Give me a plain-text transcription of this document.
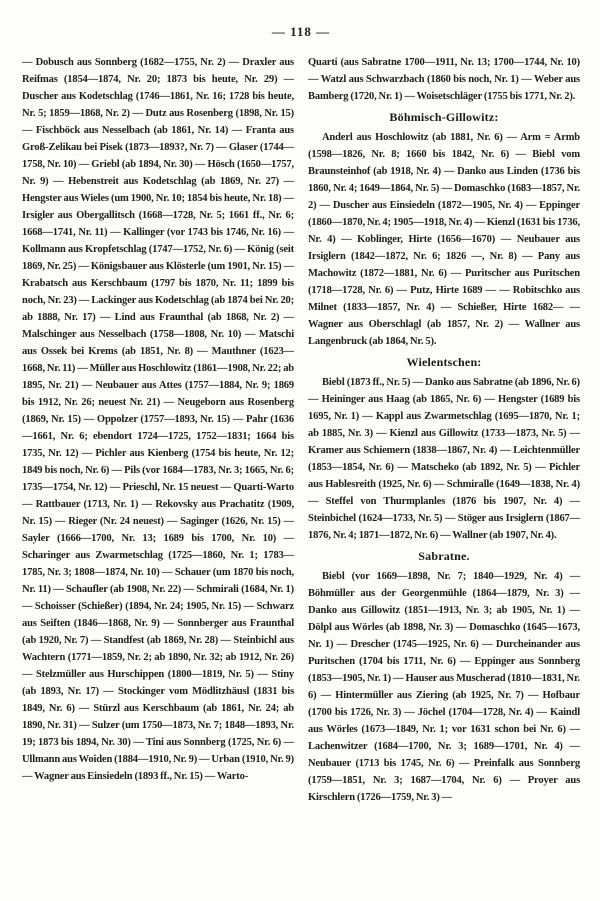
— 118 —

— Dobusch aus Sonnberg (1682—1755, Nr. 2) — Draxler aus Reifmas (1854—1874, Nr. 20; 1873 bis heute, Nr. 29) — Duscher aus Kodetschlag (1746—1861, Nr. 16; 1728 bis heute, Nr. 5; 1859—1868, Nr. 2) — Dutz aus Rosenberg (1898, Nr. 15) — Fischböck aus Nesselbach (ab 1861, Nr. 14) — Franta aus Groß-Zelikau bei Pisek (1873—1893?, Nr. 7) — Glaser (1744—1758, Nr. 10) — Griebl (ab 1894, Nr. 30) — Hösch (1650—1757, Nr. 9) — Hebenstreit aus Kodetschlag (ab 1869, Nr. 27) — Hengster aus Wieles (um 1900, Nr. 10; 1854 bis heute, Nr. 18) — Irsigler aus Obergallitsch (1668—1728, Nr. 5; 1661 ff., Nr. 6; 1668—1741, Nr. 11) — Kallinger (vor 1743 bis 1746, Nr. 16) — Kollmann aus Kropfetschlag (1747—1752, Nr. 6) — König (seit 1869, Nr. 25) — Königsbauer aus Klösterle (um 1901, Nr. 15) — Krabatsch aus Kerschbaum (1797 bis 1870, Nr. 11; 1899 bis noch, Nr. 23) — Lackinger aus Kodetschlag (ab 1874 bei Nr. 20; ab 1888, Nr. 17) — Lind aus Fraunthal (ab 1868, Nr. 2) — Malschinger aus Nesselbach (1758—1808, Nr. 10) — Matschi aus Ossek bei Krems (ab 1851, Nr. 8) — Mauthner (1623—1668, Nr. 11) — Müller aus Hoschlowitz (1861—1908, Nr. 22; ab 1895, Nr. 21) — Neubauer aus Attes (1757—1884, Nr. 9; 1869 bis 1912, Nr. 26; neuest Nr. 21) — Neugeborn aus Rosenberg (1869, Nr. 15) — Oppolzer (1757—1893, Nr. 15) — Pahr (1636—1661, Nr. 6; ebendort 1724—1725, 1752—1831; 1664 bis 1735, Nr. 12) — Pichler aus Kienberg (1754 bis heute, Nr. 12; 1849 bis noch, Nr. 6) — Pils (vor 1684—1783, Nr. 3; 1665, Nr. 6; 1735—1754, Nr. 12) — Prieschl, Nr. 15 neuest — Quarti-Warto — Rattbauer (1713, Nr. 1) — Rekovsky aus Prachatitz (1909, Nr. 15) — Rieger (Nr. 24 neuest) — Saginger (1626, Nr. 15) — Sayler (1666—1700, Nr. 13; 1689 bis 1700, Nr. 10) — Scharinger aus Zwarmetschlag (1725—1860, Nr. 1; 1783—1785, Nr. 3; 1808—1874, Nr. 10) — Schauer (um 1870 bis noch, Nr. 11) — Schaufler (ab 1908, Nr. 22) — Schmirali (1684, Nr. 1) — Schoisser (Schießer) (1894, Nr. 24; 1905, Nr. 15) — Schwarz aus Seiften (1846—1868, Nr. 9) — Sonnberger aus Fraunthal (ab 1920, Nr. 7) — Standfest (ab 1869, Nr. 28) — Steinbichl aus Wachtern (1771—1859, Nr. 2; ab 1890, Nr. 32; ab 1912, Nr. 26) — Stelzmüller aus Hurschippen (1800—1819, Nr. 5) — Stiny (ab 1893, Nr. 17) — Stockinger vom Mödlitzhäusl (1831 bis 1849, Nr. 6) — Stürzl aus Kerschbaum (ab 1861, Nr. 24; ab 1890, Nr. 31) — Sulzer (um 1750—1873, Nr. 7; 1848—1893, Nr. 19; 1873 bis 1894, Nr. 30) — Tini aus Sonnberg (1725, Nr. 6) — Ullmann aus Woiden (1884—1910, Nr. 9) — Urban (1910, Nr. 9) — Wagner aus Einsiedeln (1893 ff., Nr. 15) — Warto-

Quarti (aus Sabratne 1700—1911, Nr. 13; 1700—1744, Nr. 10) — Watzl aus Schwarzbach (1860 bis noch, Nr. 1) — Weber aus Bamberg (1720, Nr. 1) — Woisetschläger (1755 bis 1771, Nr. 2).

Böhmisch-Gillowitz:

Anderl aus Hoschlowitz (ab 1881, Nr. 6) — Arm = Armb (1598—1826, Nr. 8; 1660 bis 1842, Nr. 6) — Biebl vom Braunsteinhof (ab 1918, Nr. 4) — Danko aus Linden (1736 bis 1860, Nr. 4; 1649—1864, Nr. 5) — Domaschko (1683—1857, Nr. 2) — Duscher aus Einsiedeln (1872—1905, Nr. 4) — Eppinger (1860—1870, Nr. 4; 1905—1918, Nr. 4) — Kienzl (1631 bis 1736, Nr. 4) — Koblinger, Hirte (1656—1670) — Neubauer aus Irsiglern (1842—1872, Nr. 6; 1826 —, Nr. 8) — Pany aus Machowitz (1872—1881, Nr. 6) — Puritscher aus Puritschen (1718—1728, Nr. 6) — Putz, Hirte 1689 — — Robitschko aus Milnet (1833—1857, Nr. 4) — Schießer, Hirte 1682— — Wagner aus Oberschlagl (ab 1857, Nr. 2) — Wallner aus Langenbruck (ab 1864, Nr. 5).

Wielentschen:

Biebl (1873 ff., Nr. 5) — Danko aus Sabratne (ab 1896, Nr. 6) — Heininger aus Haag (ab 1865, Nr. 6) — Hengster (1689 bis 1695, Nr. 1) — Kappl aus Zwarmetschlag (1695—1870, Nr. 1; ab 1885, Nr. 3) — Kienzl aus Gillowitz (1733—1873, Nr. 5) — Kramer aus Schiemern (1838—1867, Nr. 4) — Leichtenmüller (1853—1854, Nr. 6) — Matscheko (ab 1892, Nr. 5) — Pichler aus Hablesreith (1925, Nr. 6) — Schmiralle (1649—1838, Nr. 4) — Steffel von Thurmplanles (1876 bis 1907, Nr. 4) — Steinbichel (1624—1733, Nr. 5) — Stöger aus Irsiglern (1867—1876, Nr. 4; 1871—1872, Nr. 6) — Wallner (ab 1907, Nr. 4).

Sabratne.

Biebl (vor 1669—1898, Nr. 7; 1840—1929, Nr. 4) — Böhmüller aus der Georgenmühle (1864—1879, Nr. 3) — Danko aus Gillowitz (1851—1913, Nr. 3; ab 1905, Nr. 1) — Dölpl aus Wörles (ab 1898, Nr. 3) — Domaschko (1645—1673, Nr. 1) — Drescher (1745—1925, Nr. 6) — Durcheinander aus Puritschen (1704 bis 1711, Nr. 6) — Eppinger aus Sonnberg (1853—1905, Nr. 1) — Hauser aus Muscherad (1810—1831, Nr. 6) — Hintermüller aus Ziering (ab 1925, Nr. 7) — Hofbaur (1700 bis 1726, Nr. 3) — Jöchel (1704—1728, Nr. 4) — Kaindl aus Wörles (1673—1849, Nr. 1; vor 1631 schon bei Nr. 6) — Lachenwitzer (1684—1700, Nr. 3; 1689—1701, Nr. 4) — Neubauer (1713 bis 1745, Nr. 6) — Preinfalk aus Sonnberg (1759—1851, Nr. 3; 1687—1704, Nr. 6) — Proyer aus Kirschlern (1726—1759, Nr. 3) —
